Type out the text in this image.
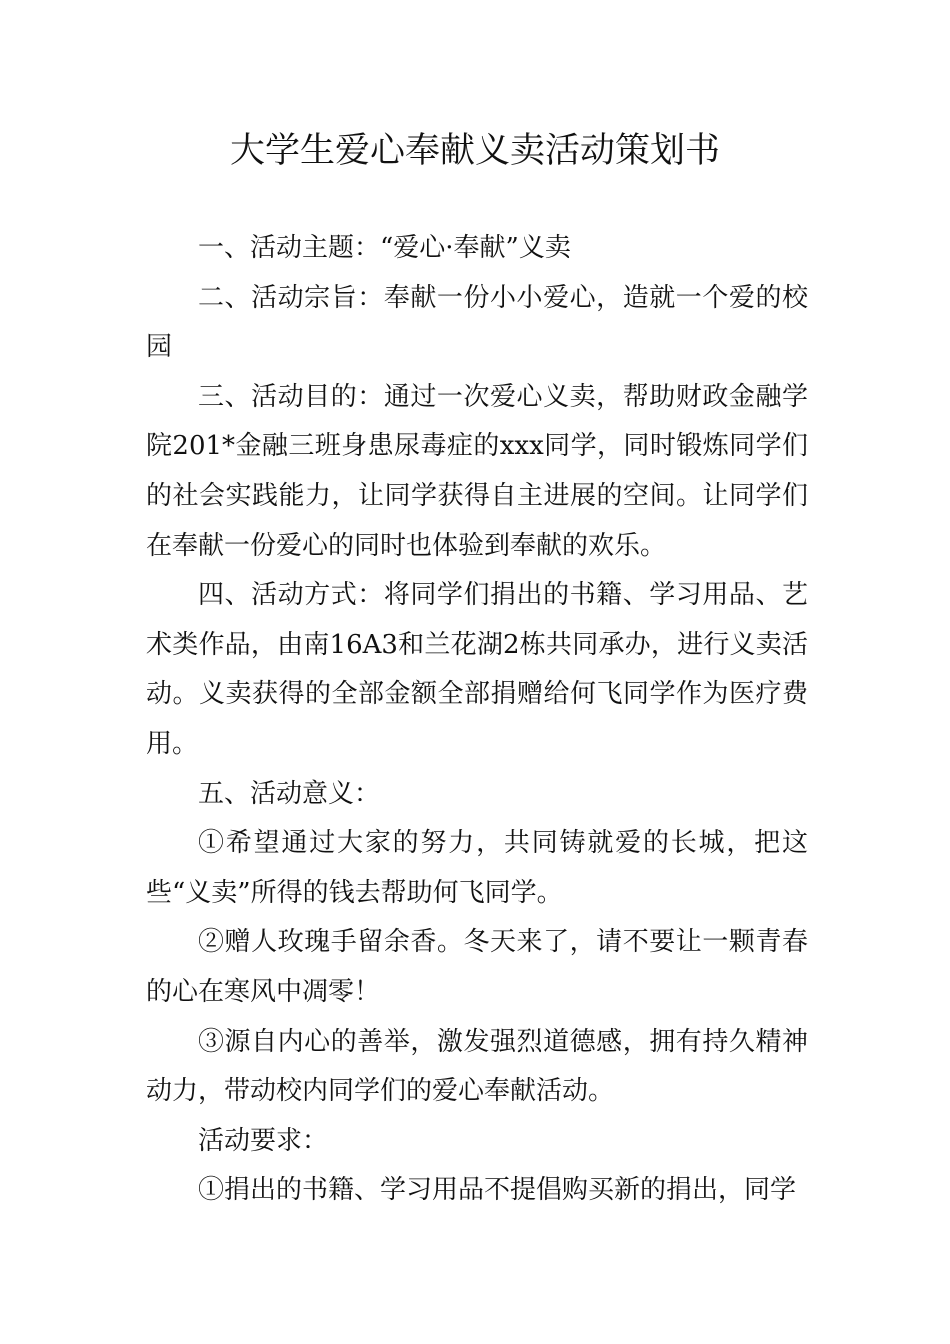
大学生爱心奉献义卖活动策划书

一、活动主题：“爱心·奉献”义卖

二、活动宗旨：奉献一份小小爱心，造就一个爱的校园

三、活动目的：通过一次爱心义卖，帮助财政金融学院201*金融三班身患尿毒症的xxx同学，同时锻炼同学们的社会实践能力，让同学获得自主进展的空间。让同学们在奉献一份爱心的同时也体验到奉献的欢乐。

四、活动方式：将同学们捐出的书籍、学习用品、艺术类作品，由南16A3和兰花湖2栋共同承办，进行义卖活动。义卖获得的全部金额全部捐赠给何飞同学作为医疗费用。

五、活动意义：

①希望通过大家的努力，共同铸就爱的长城，把这些“义卖”所得的钱去帮助何飞同学。

②赠人玫瑰手留余香。冬天来了，请不要让一颗青春的心在寒风中凋零！

③源自内心的善举，激发强烈道德感，拥有持久精神动力，带动校内同学们的爱心奉献活动。

活动要求：

①捐出的书籍、学习用品不提倡购买新的捐出，同学
